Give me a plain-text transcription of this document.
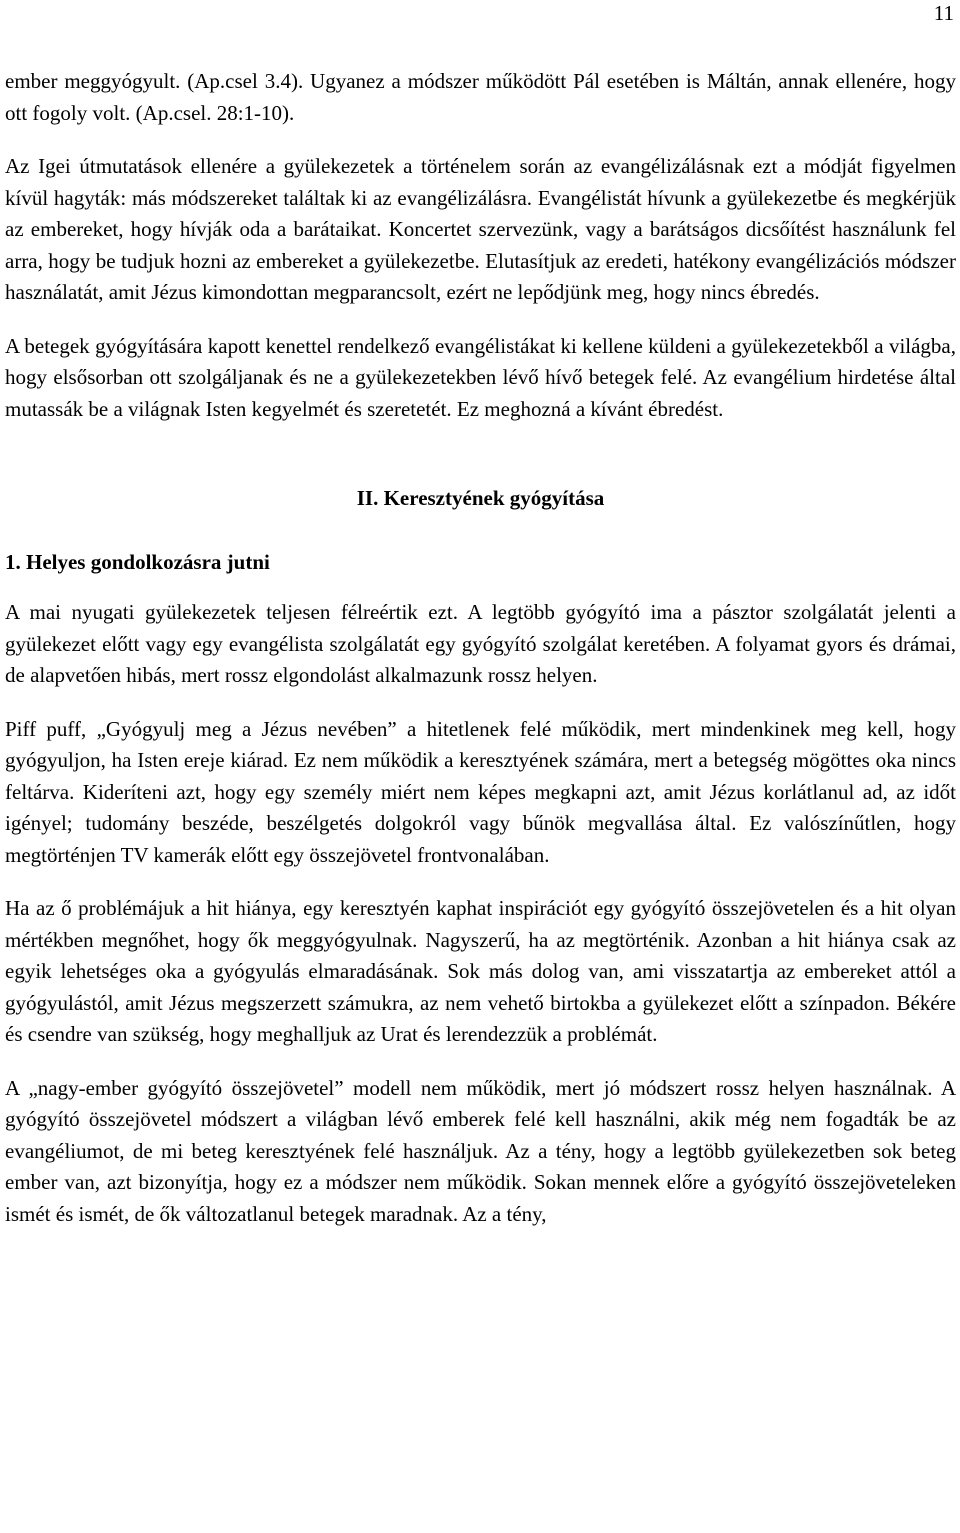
11

ember meggyógyult. (Ap.csel 3.4). Ugyanez a módszer működött Pál esetében is Máltán, annak ellenére, hogy ott fogoly volt. (Ap.csel. 28:1-10).

Az Igei útmutatások ellenére a gyülekezetek a történelem során az evangélizálásnak ezt a módját figyelmen kívül hagyták: más módszereket találtak ki az evangélizálásra. Evangélistát hívunk a gyülekezetbe és megkérjük az embereket, hogy hívják oda a barátaikat. Koncertet szervezünk, vagy a barátságos dicsőítést használunk fel arra, hogy be tudjuk hozni az embereket a gyülekezetbe. Elutasítjuk az eredeti, hatékony evangélizációs módszer használatát, amit Jézus kimondottan megparancsolt, ezért ne lepődjünk meg, hogy nincs ébredés.

A betegek gyógyítására kapott kenettel rendelkező evangélistákat ki kellene küldeni a gyülekezetekből a világba, hogy elsősorban ott szolgáljanak és ne a gyülekezetekben lévő hívő betegek felé. Az evangélium hirdetése által mutassák be a világnak Isten kegyelmét és szeretetét. Ez meghozná a kívánt ébredést.

II. Keresztyének gyógyítása
1. Helyes gondolkozásra jutni

A mai nyugati gyülekezetek teljesen félreértik ezt. A legtöbb gyógyító ima a pásztor szolgálatát jelenti a gyülekezet előtt vagy egy evangélista szolgálatát egy gyógyító szolgálat keretében. A folyamat gyors és drámai, de alapvetően hibás, mert rossz elgondolást alkalmazunk rossz helyen.

Piff puff, „Gyógyulj meg a Jézus nevében” a hitetlenek felé működik, mert mindenkinek meg kell, hogy gyógyuljon, ha Isten ereje kiárad. Ez nem működik a keresztyének számára, mert a betegség mögöttes oka nincs feltárva. Kideríteni azt, hogy egy személy miért nem képes megkapni azt, amit Jézus korlátlanul ad, az időt igényel; tudomány beszéde, beszélgetés dolgokról vagy bűnök megvallása által. Ez valószínűtlen, hogy megtörténjen TV kamerák előtt egy összejövetel frontvonalában.

Ha az ő problémájuk a hit hiánya, egy keresztyén kaphat inspirációt egy gyógyító összejövetelen és a hit olyan mértékben megnőhet, hogy ők meggyógyulnak. Nagyszerű, ha az megtörténik. Azonban a hit hiánya csak az egyik lehetséges oka a gyógyulás elmaradásának. Sok más dolog van, ami visszatartja az embereket attól a gyógyulástól, amit Jézus megszerzett számukra, az nem vehető birtokba a gyülekezet előtt a színpadon. Békére és csendre van szükség, hogy meghalljuk az Urat és lerendezzük a problémát.

A „nagy-ember gyógyító összejövetel” modell nem működik, mert jó módszert rossz helyen használnak. A gyógyító összejövetel módszert a világban lévő emberek felé kell használni, akik még nem fogadták be az evangéliumot, de mi beteg keresztyének felé használjuk. Az a tény, hogy a legtöbb gyülekezetben sok beteg ember van, azt bizonyítja, hogy ez a módszer nem működik. Sokan mennek előre a gyógyító összejöveteleken ismét és ismét, de ők változatlanul betegek maradnak. Az a tény,
